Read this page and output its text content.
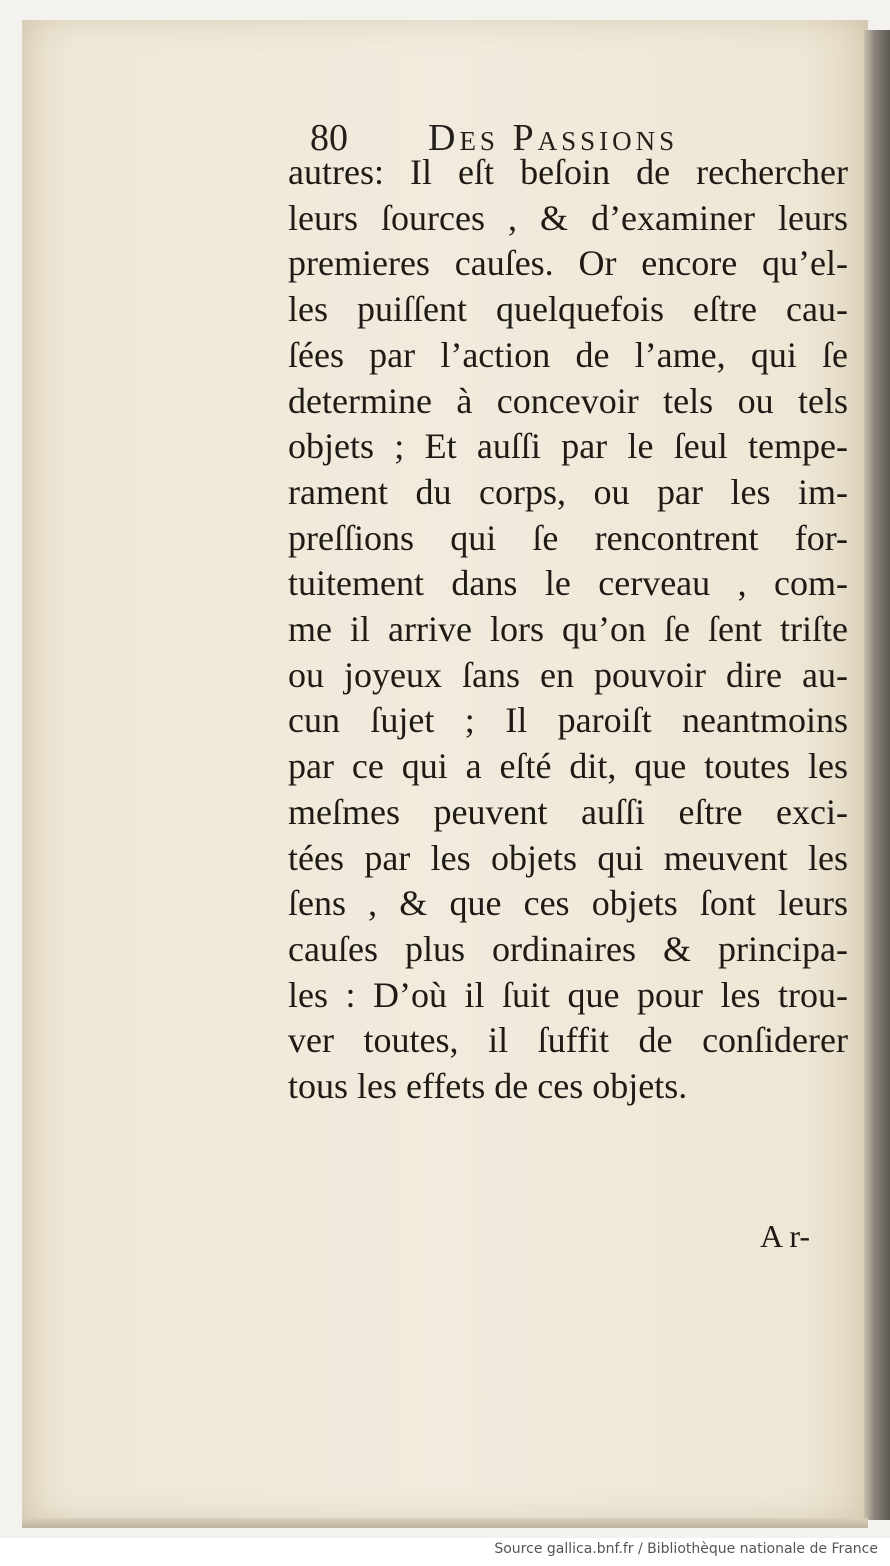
80 Des Passions
autres: Il eſt beſoin de rechercher
leurs ſources , & d’examiner leurs
premieres cauſes. Or encore qu’el-
les puiſſent quelquefois eſtre cau-
ſées par l’action de l’ame, qui ſe
determine à concevoir tels ou tels
objets ; Et auſſi par le ſeul tempe-
rament du corps, ou par les im-
preſſions qui ſe rencontrent for-
tuitement dans le cerveau , com-
me il arrive lors qu’on ſe ſent triſte
ou joyeux ſans en pouvoir dire au-
cun ſujet ; Il paroiſt neantmoins
par ce qui a eſté dit, que toutes les
meſmes peuvent auſſi eſtre exci-
tées par les objets qui meuvent les
ſens , & que ces objets ſont leurs
cauſes plus ordinaires & principa-
les : D’où il ſuit que pour les trou-
ver toutes, il ſuffit de conſiderer
tous les effets de ces objets.
A r-
Source gallica.bnf.fr / Bibliothèque nationale de France
